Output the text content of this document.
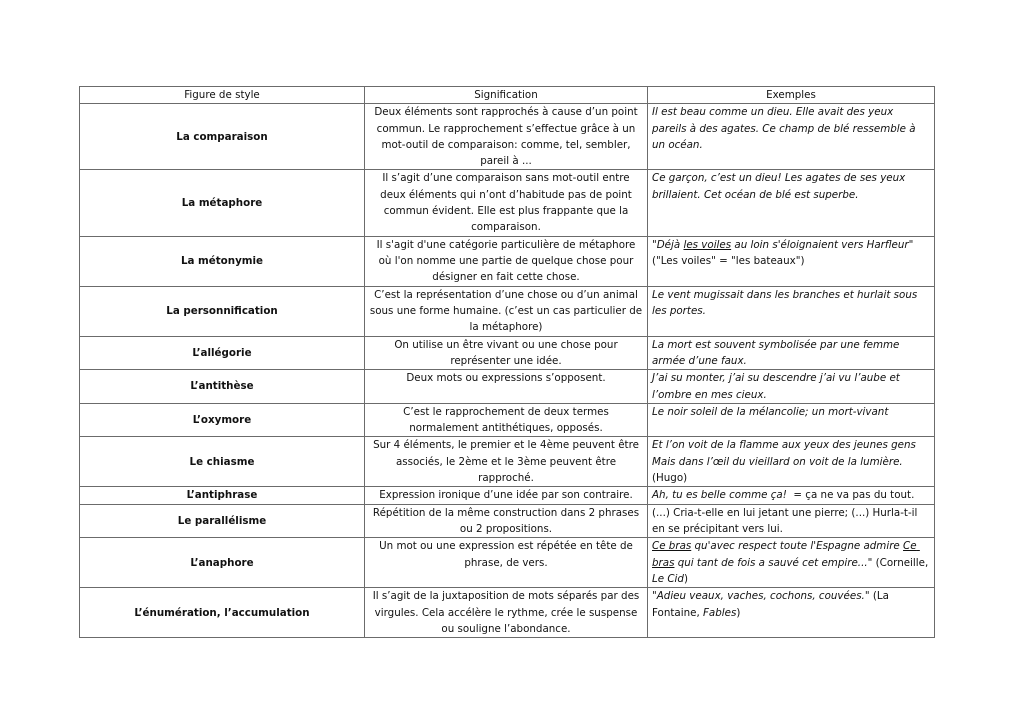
Figure de style	Signification	Exemples
La comparaison	Deux éléments sont rapprochés à cause d’un point commun. Le rapprochement s’effectue grâce à un mot-outil de comparaison: comme, tel, sembler, pareil à ...	Il est beau comme un dieu. Elle avait des yeux pareils à des agates. Ce champ de blé ressemble à un océan.
La métaphore	Il s’agit d’une comparaison sans mot-outil entre deux éléments qui n’ont d’habitude pas de point commun évident. Elle est plus frappante que la comparaison.	Ce garçon, c’est un dieu! Les agates de ses yeux brillaient. Cet océan de blé est superbe.
La métonymie	Il s'agit d'une catégorie particulière de métaphore où l'on nomme une partie de quelque chose pour désigner en fait cette chose.	"Déjà les voiles au loin s'éloignaient vers Harfleur" ("Les voiles" = "les bateaux")
La personnification	C’est la représentation d’une chose ou d’un animal sous une forme humaine. (c’est un cas particulier de la métaphore)	Le vent mugissait dans les branches et hurlait sous les portes.
L’allégorie	On utilise un être vivant ou une chose pour représenter une idée.	La mort est souvent symbolisée par une femme armée d’une faux.
L’antithèse	Deux mots ou expressions s’opposent.	J’ai su monter, j’ai su descendre j’ai vu l’aube et l’ombre en mes cieux.
L’oxymore	C’est le rapprochement de deux termes normalement antithétiques, opposés.	Le noir soleil de la mélancolie; un mort-vivant
Le chiasme	Sur 4 éléments, le premier et le 4ème peuvent être associés, le 2ème et le 3ème peuvent être rapproché.	Et l’on voit de la flamme aux yeux des jeunes gens Mais dans l’œil du vieillard on voit de la lumière. (Hugo)
L’antiphrase	Expression ironique d’une idée par son contraire.	Ah, tu es belle comme ça!  = ça ne va pas du tout.
Le parallélisme	Répétition de la même construction dans 2 phrases ou 2 propositions.	(...) Cria-t-elle en lui jetant une pierre; (...) Hurla-t-il en se précipitant vers lui.
L’anaphore	Un mot ou une expression est répétée en tête de phrase, de vers.	Ce bras qu'avec respect toute l'Espagne admire Ce bras qui tant de fois a sauvé cet empire..." (Corneille, Le Cid)
L’énumération, l’accumulation	Il s’agit de la juxtaposition de mots séparés par des virgules. Cela accélère le rythme, crée le suspense ou souligne l’abondance.	"Adieu veaux, vaches, cochons, couvées." (La Fontaine, Fables)
